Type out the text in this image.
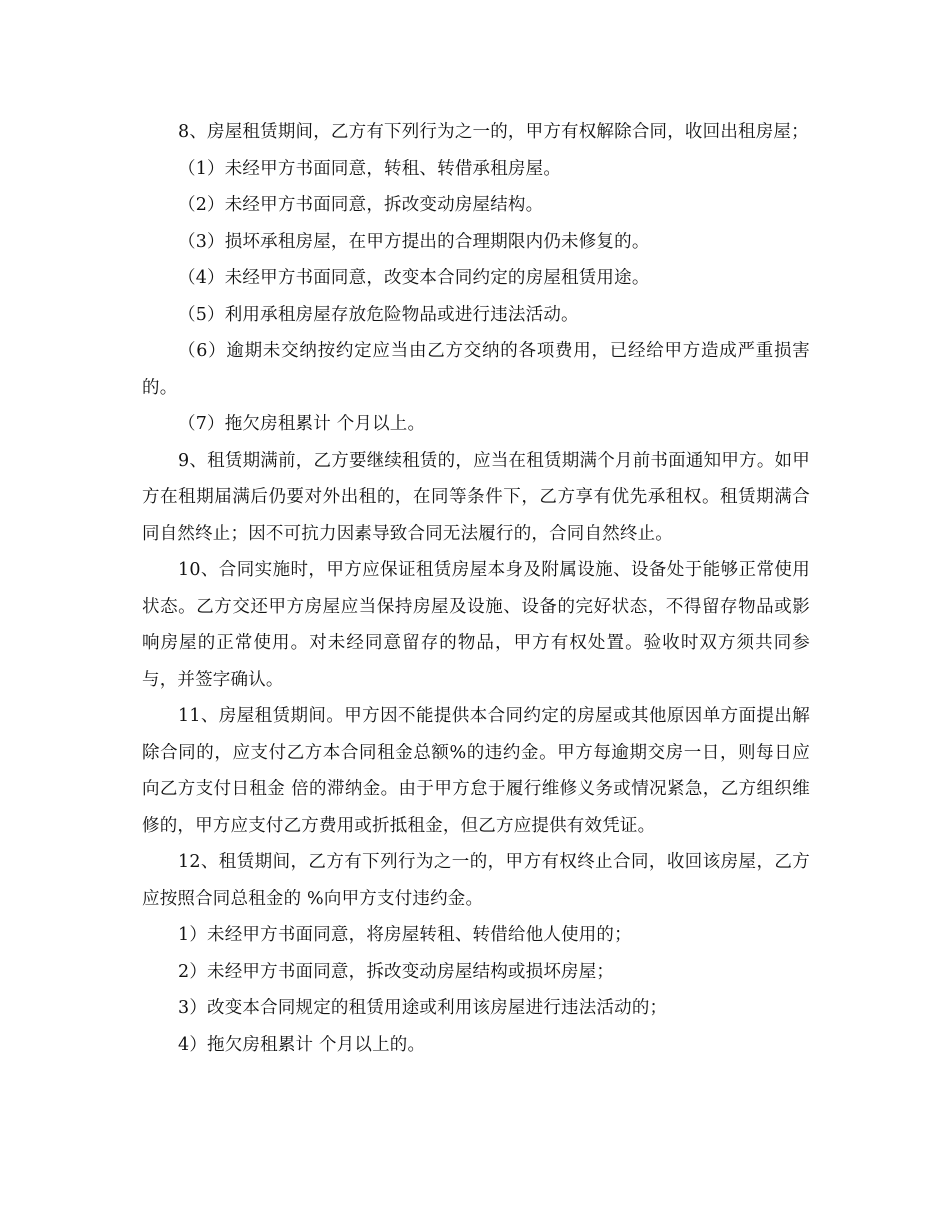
8、房屋租赁期间，乙方有下列行为之一的，甲方有权解除合同，收回出租房屋；

（1）未经甲方书面同意，转租、转借承租房屋。

（2）未经甲方书面同意，拆改变动房屋结构。

（3）损坏承租房屋，在甲方提出的合理期限内仍未修复的。

（4）未经甲方书面同意，改变本合同约定的房屋租赁用途。

（5）利用承租房屋存放危险物品或进行违法活动。

（6）逾期未交纳按约定应当由乙方交纳的各项费用，已经给甲方造成严重损害的。

（7）拖欠房租累计 个月以上。

9、租赁期满前，乙方要继续租赁的，应当在租赁期满个月前书面通知甲方。如甲方在租期届满后仍要对外出租的，在同等条件下，乙方享有优先承租权。租赁期满合同自然终止；因不可抗力因素导致合同无法履行的，合同自然终止。

10、合同实施时，甲方应保证租赁房屋本身及附属设施、设备处于能够正常使用状态。乙方交还甲方房屋应当保持房屋及设施、设备的完好状态，不得留存物品或影响房屋的正常使用。对未经同意留存的物品，甲方有权处置。验收时双方须共同参与，并签字确认。

11、房屋租赁期间。甲方因不能提供本合同约定的房屋或其他原因单方面提出解除合同的，应支付乙方本合同租金总额%的违约金。甲方每逾期交房一日，则每日应向乙方支付日租金 倍的滞纳金。由于甲方怠于履行维修义务或情况紧急，乙方组织维修的，甲方应支付乙方费用或折抵租金，但乙方应提供有效凭证。

12、租赁期间，乙方有下列行为之一的，甲方有权终止合同，收回该房屋，乙方应按照合同总租金的 %向甲方支付违约金。

1）未经甲方书面同意，将房屋转租、转借给他人使用的；

2）未经甲方书面同意，拆改变动房屋结构或损坏房屋；

3）改变本合同规定的租赁用途或利用该房屋进行违法活动的；

4）拖欠房租累计 个月以上的。
